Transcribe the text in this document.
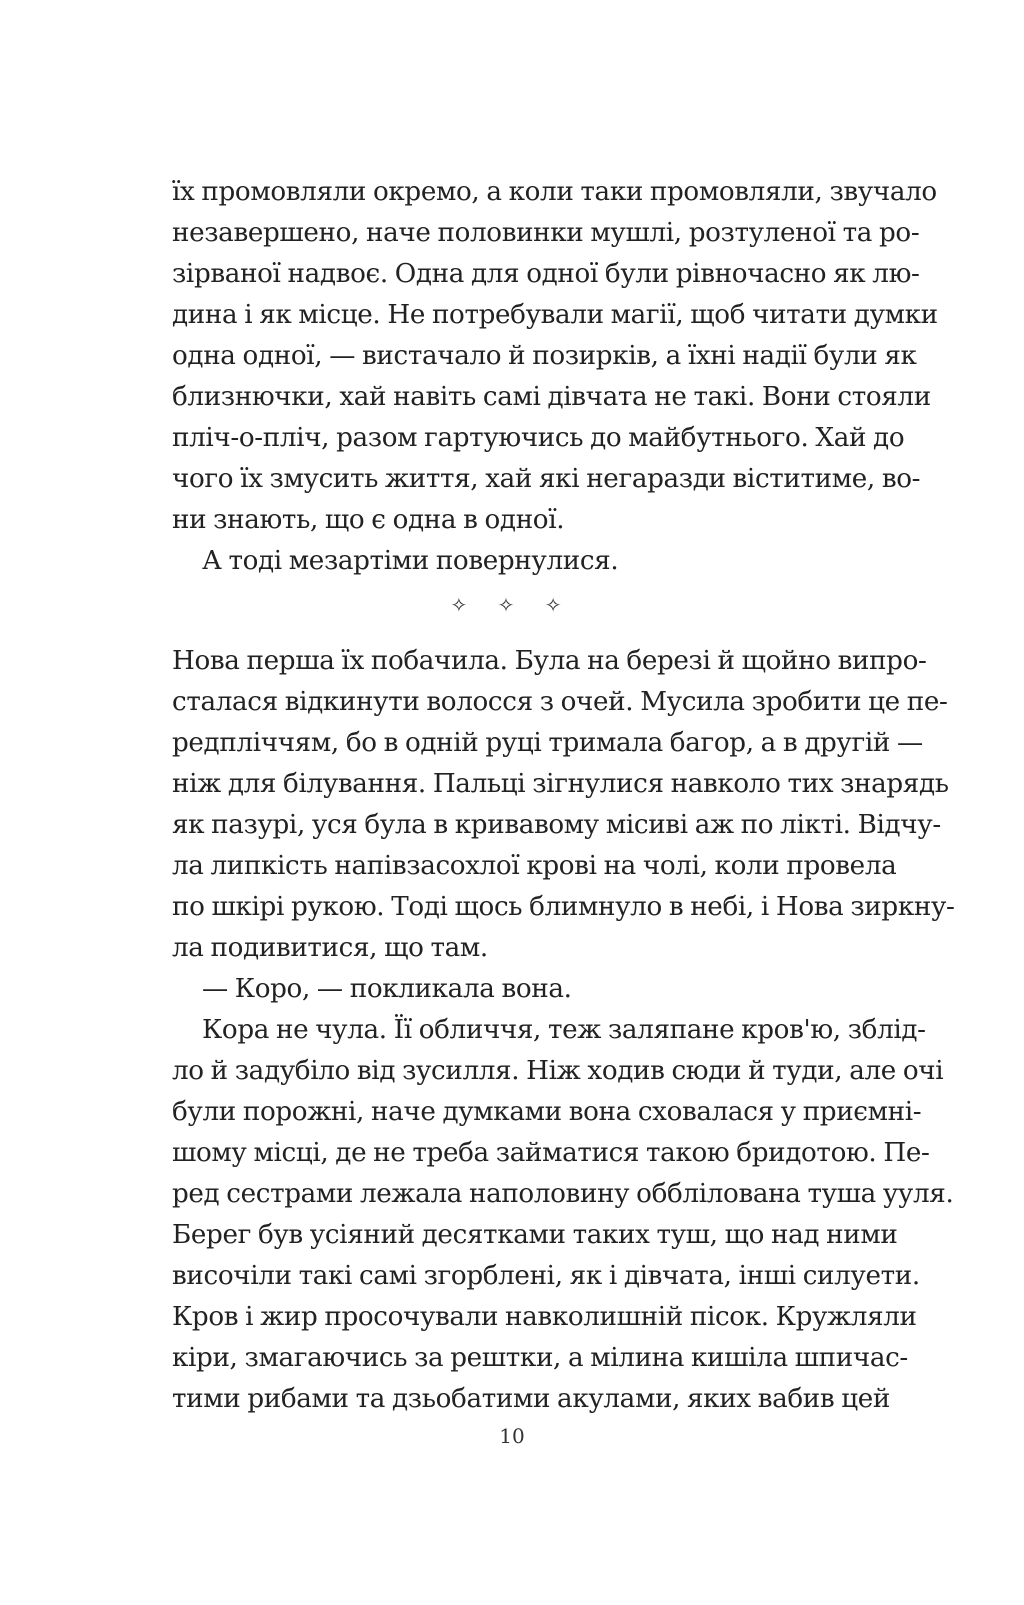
їх промовляли окремо, а коли таки промовляли, звучало
незавершено, наче половинки мушлі, розтуленої та ро-
зірваної надвоє. Одна для одної були рівночасно як лю-
дина і як місце. Не потребували магії, щоб читати думки
одна одної, — вистачало й позирків, а їхні надії були як
близнючки, хай навіть самі дівчата не такі. Вони стояли
пліч-о-пліч, разом гартуючись до майбутнього. Хай до
чого їх змусить життя, хай які негаразди віститиме, во-
ни знають, що є одна в одної.
А тоді мезартіми повернулися.
✧ ✧ ✧
Нова перша їх побачила. Була на березі й щойно випро-
сталася відкинути волосся з очей. Мусила зробити це пе-
редпліччям, бо в одній руці тримала багор, а в другій —
ніж для білування. Пальці зігнулися навколо тих знарядь
як пазурі, уся була в кривавому місиві аж по лікті. Відчу-
ла липкість напівзасохлої крові на чолі, коли провела
по шкірі рукою. Тоді щось блимнуло в небі, і Нова зиркну-
ла подивитися, що там.
— Коро, — покликала вона.
Кора не чула. Її обличчя, теж заляпане кров'ю, зблід-
ло й задубіло від зусилля. Ніж ходив сюди й туди, але очі
були порожні, наче думками вона сховалася у приємні-
шому місці, де не треба займатися такою бридотою. Пе-
ред сестрами лежала наполовину обблілована туша ууля.
Берег був усіяний десятками таких туш, що над ними
височіли такі самі згорблені, як і дівчата, інші силуети.
Кров і жир просочували навколишній пісок. Кружляли
кіри, змагаючись за рештки, а мілина кишіла шпичас-
тими рибами та дзьобатими акулами, яких вабив цей
10
